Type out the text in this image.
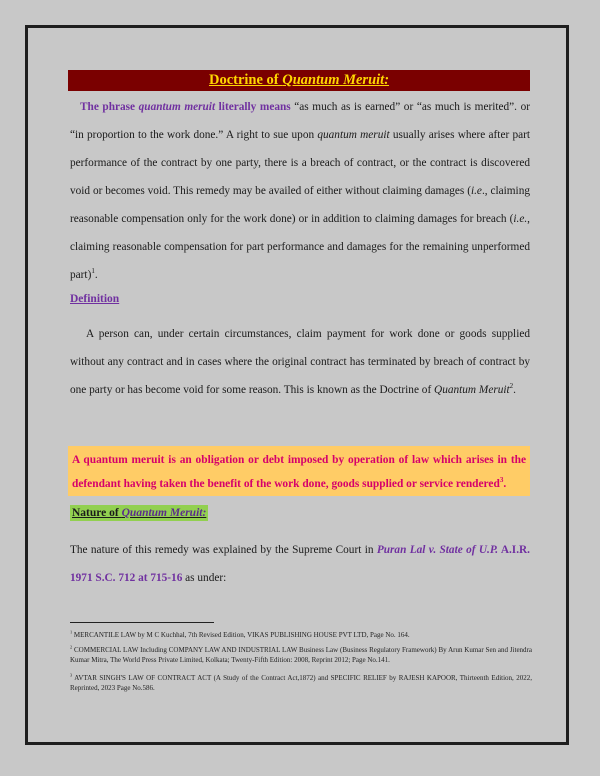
Doctrine of Quantum Meruit:
The phrase quantum meruit literally means “as much as is earned” or “as much is merited”. or “in proportion to the work done.” A right to sue upon quantum meruit usually arises where after part performance of the contract by one party, there is a breach of contract, or the contract is discovered void or becomes void. This remedy may be availed of either without claiming damages (i.e., claiming reasonable compensation only for the work done) or in addition to claiming damages for breach (i.e., claiming reasonable compensation for part performance and damages for the remaining unperformed part)$^1$.
Definition
A person can, under certain circumstances, claim payment for work done or goods supplied without any contract and in cases where the original contract has terminated by breach of contract by one party or has become void for some reason. This is known as the Doctrine of Quantum Meruit$^2$.
A quantum meruit is an obligation or debt imposed by operation of law which arises in the defendant having taken the benefit of the work done, goods supplied or service rendered$^3$.
Nature of Quantum Meruit:
The nature of this remedy was explained by the Supreme Court in Puran Lal v. State of U.P. A.I.R. 1971 S.C. 712 at 715-16 as under:
$^1$ MERCANTILE LAW by M C Kuchhal, 7th Revised Edition, VIKAS PUBLISHING HOUSE PVT LTD, Page No. 164.
$^2$ COMMERCIAL LAW Including COMPANY LAW AND INDUSTRIAL LAW Business Law (Business Regulatory Framework) By Arun Kumar Sen and Jitendra Kumar Mitra, The World Press Private Limited, Kolkata; Twenty-Fifth Edition: 2008, Reprint 2012; Page No.141.
$^3$ AVTAR SINGH'S LAW OF CONTRACT ACT (A Study of the Contract Act,1872) and SPECIFIC RELIEF by RAJESH KAPOOR, Thirteenth Edition, 2022, Reprinted, 2023 Page No.586.
